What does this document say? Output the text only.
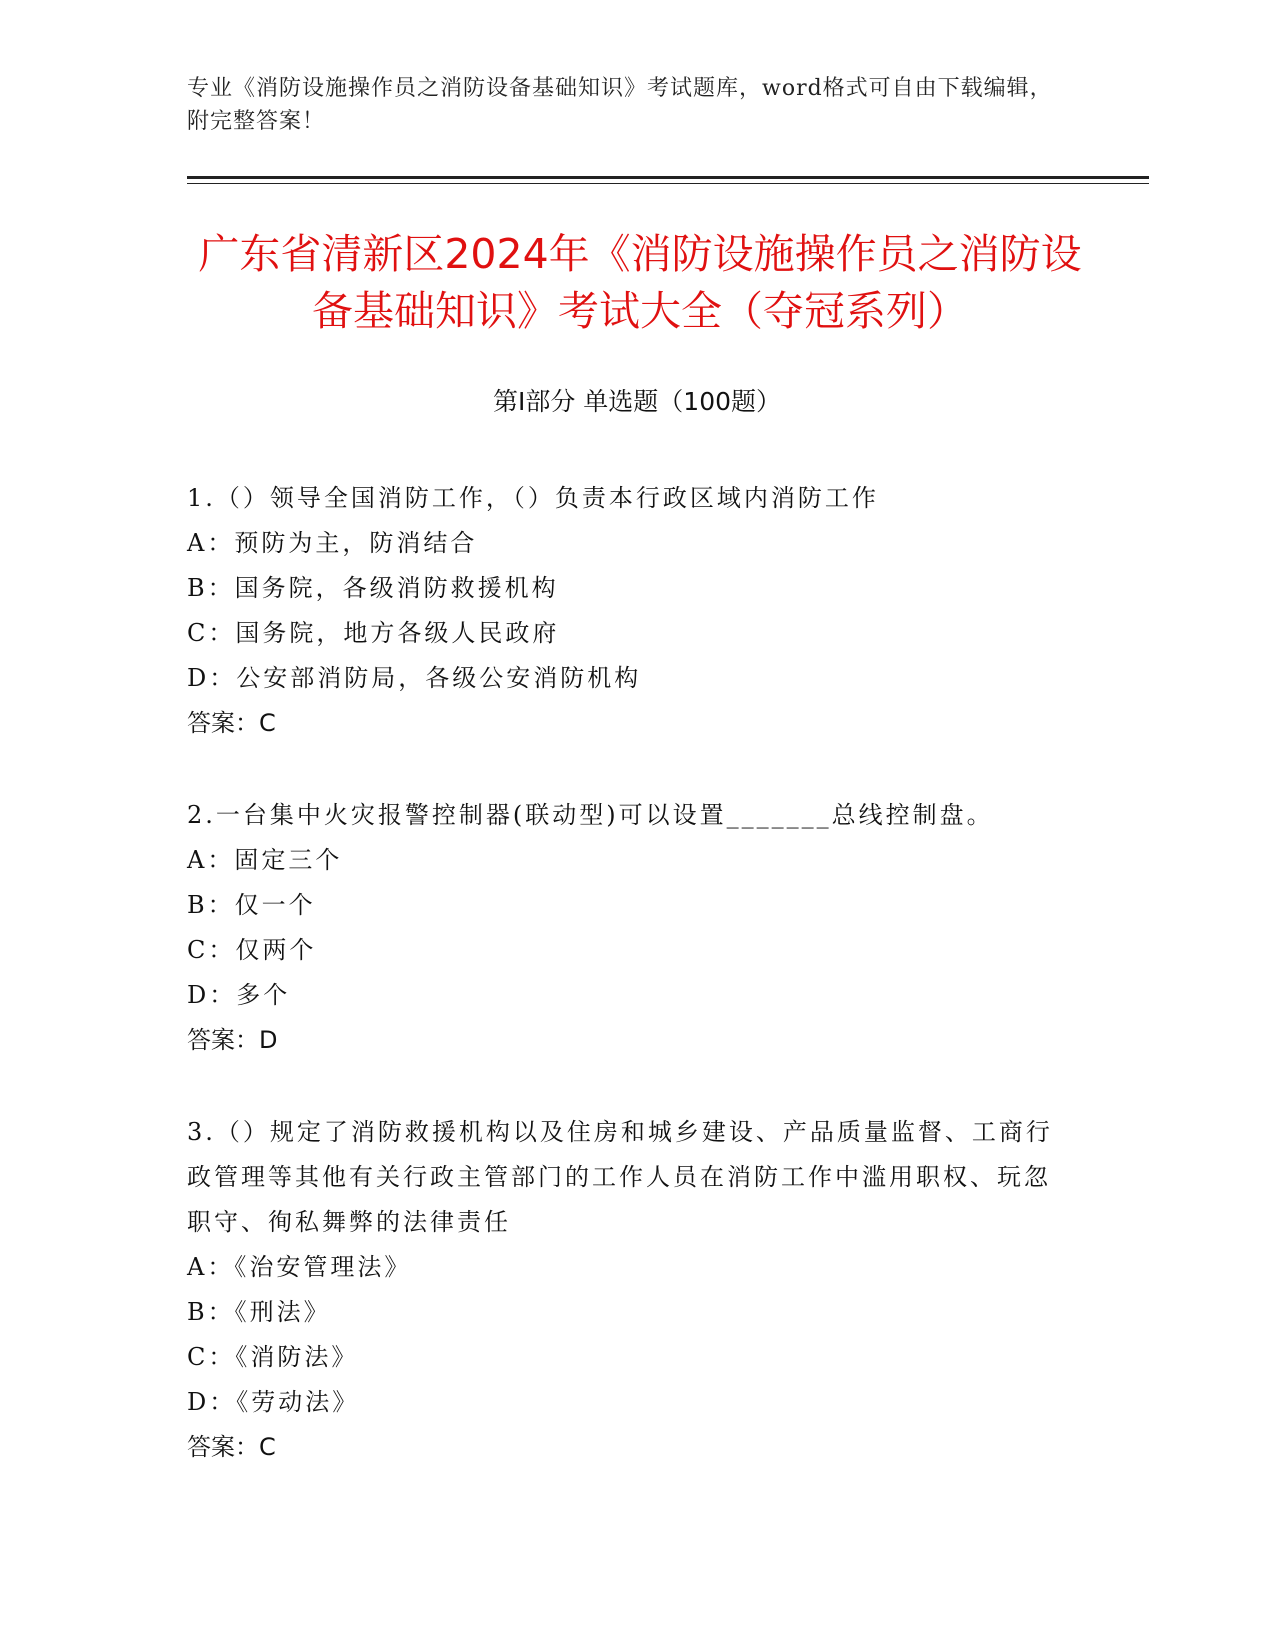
专业《消防设施操作员之消防设备基础知识》考试题库，word格式可自由下载编辑，附完整答案！
广东省清新区2024年《消防设施操作员之消防设备基础知识》考试大全（夺冠系列）
第Ⅰ部分 单选题（100题）
1.（）领导全国消防工作，（）负责本行政区域内消防工作
A：预防为主，防消结合
B：国务院，各级消防救援机构
C：国务院，地方各级人民政府
D：公安部消防局，各级公安消防机构
答案：C
2.一台集中火灾报警控制器(联动型)可以设置_______总线控制盘。
A：固定三个
B：仅一个
C：仅两个
D：多个
答案：D
3.（）规定了消防救援机构以及住房和城乡建设、产品质量监督、工商行政管理等其他有关行政主管部门的工作人员在消防工作中滥用职权、玩忽职守、徇私舞弊的法律责任
A：《治安管理法》
B：《刑法》
C：《消防法》
D：《劳动法》
答案：C
